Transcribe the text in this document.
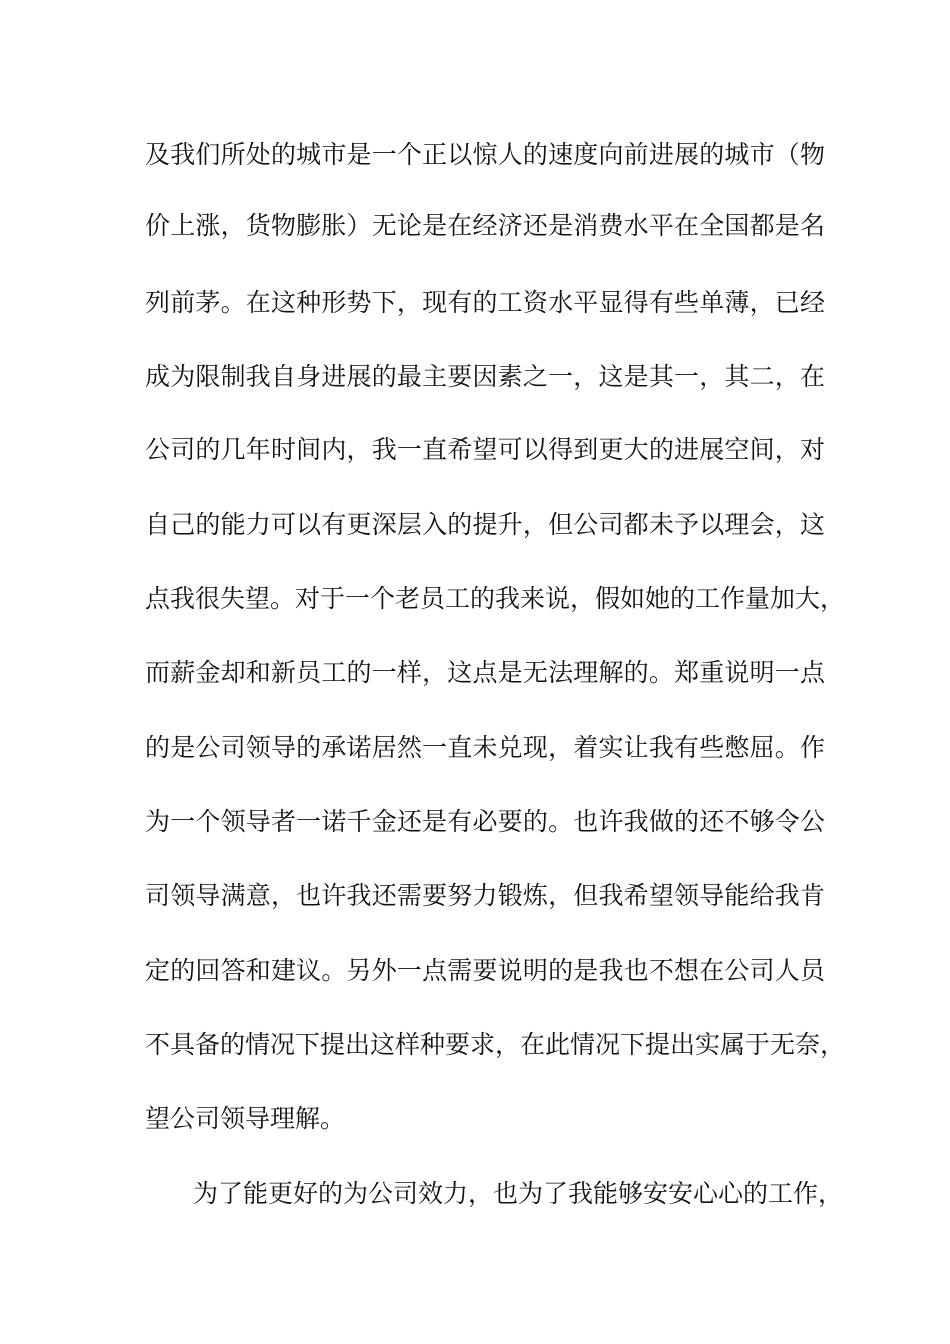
及我们所处的城市是一个正以惊人的速度向前进展的城市（物
价上涨，货物膨胀）无论是在经济还是消费水平在全国都是名
列前茅。在这种形势下，现有的工资水平显得有些单薄，已经
成为限制我自身进展的最主要因素之一，这是其一，其二，在
公司的几年时间内，我一直希望可以得到更大的进展空间，对
自己的能力可以有更深层入的提升，但公司都未予以理会，这
点我很失望。对于一个老员工的我来说，假如她的工作量加大，
而薪金却和新员工的一样，这点是无法理解的。郑重说明一点
的是公司领导的承诺居然一直未兑现，着实让我有些憋屈。作
为一个领导者一诺千金还是有必要的。也许我做的还不够令公
司领导满意，也许我还需要努力锻炼，但我希望领导能给我肯
定的回答和建议。另外一点需要说明的是我也不想在公司人员
不具备的情况下提出这样种要求，在此情况下提出实属于无奈，
望公司领导理解。
为了能更好的为公司效力，也为了我能够安安心心的工作，
